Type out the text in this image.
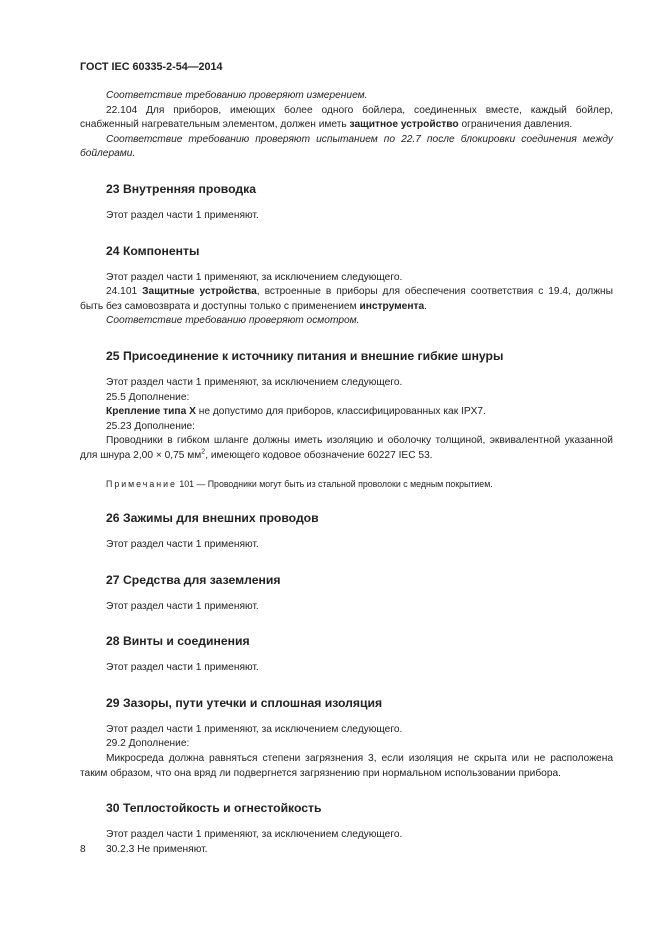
ГОСТ IEC 60335-2-54—2014

Соответствие требованию проверяют измерением.

22.104 Для приборов, имеющих более одного бойлера, соединенных вместе, каждый бойлер, снабженный нагревательным элементом, должен иметь защитное устройство ограничения давления.

Соответствие требованию проверяют испытанием по 22.7 после блокировки соединения между бойлерами.

23 Внутренняя проводка

Этот раздел части 1 применяют.

24 Компоненты

Этот раздел части 1 применяют, за исключением следующего.

24.101 Защитные устройства, встроенные в приборы для обеспечения соответствия с 19.4, должны быть без самовозврата и доступны только с применением инструмента.

Соответствие требованию проверяют осмотром.

25 Присоединение к источнику питания и внешние гибкие шнуры

Этот раздел части 1 применяют, за исключением следующего.

25.5 Дополнение:

Крепление типа X не допустимо для приборов, классифицированных как IPX7.

25.23 Дополнение:

Проводники в гибком шланге должны иметь изоляцию и оболочку толщиной, эквивалентной указанной для шнура 2,00 × 0,75 $мм^2$, имеющего кодовое обозначение 60227 IEC 53.

Примечание 101 — Проводники могут быть из стальной проволоки с медным покрытием.

26 Зажимы для внешних проводов

Этот раздел части 1 применяют.

27 Средства для заземления

Этот раздел части 1 применяют.

28 Винты и соединения

Этот раздел части 1 применяют.

29 Зазоры, пути утечки и сплошная изоляция

Этот раздел части 1 применяют, за исключением следующего.

29.2 Дополнение:

Микросреда должна равняться степени загрязнения 3, если изоляция не скрыта или не расположена таким образом, что она вряд ли подвергнется загрязнению при нормальном использовании прибора.

30 Теплостойкость и огнестойкость

Этот раздел части 1 применяют, за исключением следующего.

30.2.3 Не применяют.

8
